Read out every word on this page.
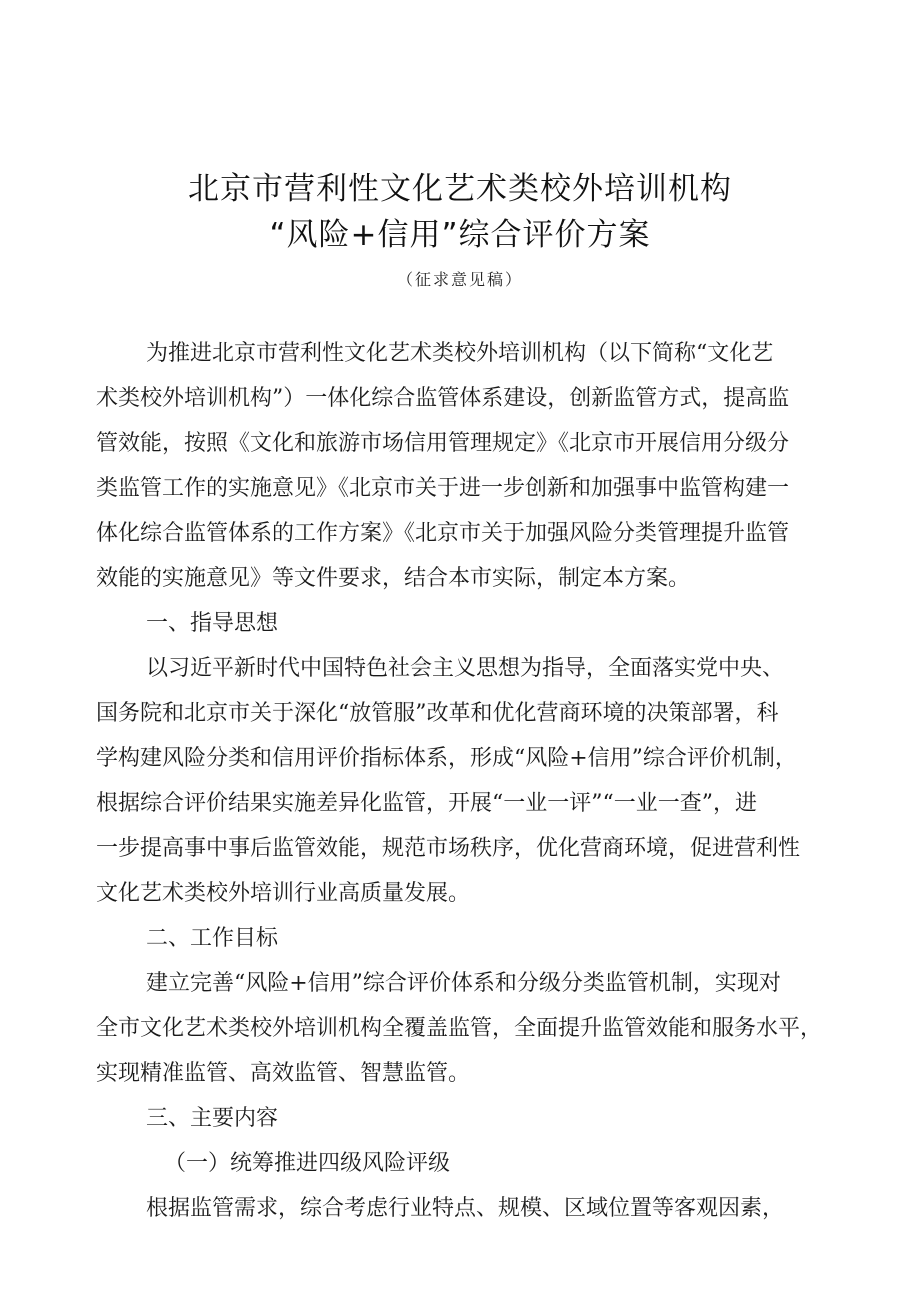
北京市营利性文化艺术类校外培训机构
“风险+信用”综合评价方案
（征求意见稿）
为推进北京市营利性文化艺术类校外培训机构（以下简称“文化艺
术类校外培训机构”）一体化综合监管体系建设，创新监管方式，提高监
管效能，按照《文化和旅游市场信用管理规定》《北京市开展信用分级分
类监管工作的实施意见》《北京市关于进一步创新和加强事中监管构建一
体化综合监管体系的工作方案》《北京市关于加强风险分类管理提升监管
效能的实施意见》等文件要求，结合本市实际，制定本方案。
一、指导思想
以习近平新时代中国特色社会主义思想为指导，全面落实党中央、
国务院和北京市关于深化“放管服”改革和优化营商环境的决策部署，科
学构建风险分类和信用评价指标体系，形成“风险+信用”综合评价机制，
根据综合评价结果实施差异化监管，开展“一业一评”“一业一查”，进
一步提高事中事后监管效能，规范市场秩序，优化营商环境，促进营利性
文化艺术类校外培训行业高质量发展。
二、工作目标
建立完善“风险+信用”综合评价体系和分级分类监管机制，实现对
全市文化艺术类校外培训机构全覆盖监管，全面提升监管效能和服务水平，
实现精准监管、高效监管、智慧监管。
三、主要内容
（一）统筹推进四级风险评级
根据监管需求，综合考虑行业特点、规模、区域位置等客观因素，
